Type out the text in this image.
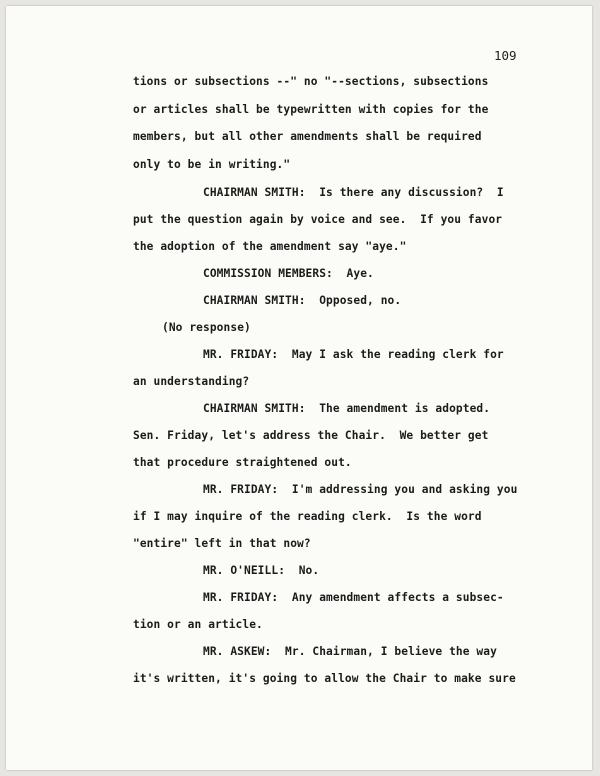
109
tions or subsections --" no "--sections, subsections
or articles shall be typewritten with copies for the
members, but all other amendments shall be required
only to be in writing."
CHAIRMAN SMITH:  Is there any discussion?  I
put the question again by voice and see.  If you favor
the adoption of the amendment say "aye."
COMMISSION MEMBERS:  Aye.
CHAIRMAN SMITH:  Opposed, no.
(No response)
MR. FRIDAY:  May I ask the reading clerk for
an understanding?
CHAIRMAN SMITH:  The amendment is adopted.
Sen. Friday, let's address the Chair.  We better get
that procedure straightened out.
MR. FRIDAY:  I'm addressing you and asking you
if I may inquire of the reading clerk.  Is the word
"entire" left in that now?
MR. O'NEILL:  No.
MR. FRIDAY:  Any amendment affects a subsec-
tion or an article.
MR. ASKEW:  Mr. Chairman, I believe the way
it's written, it's going to allow the Chair to make sure
